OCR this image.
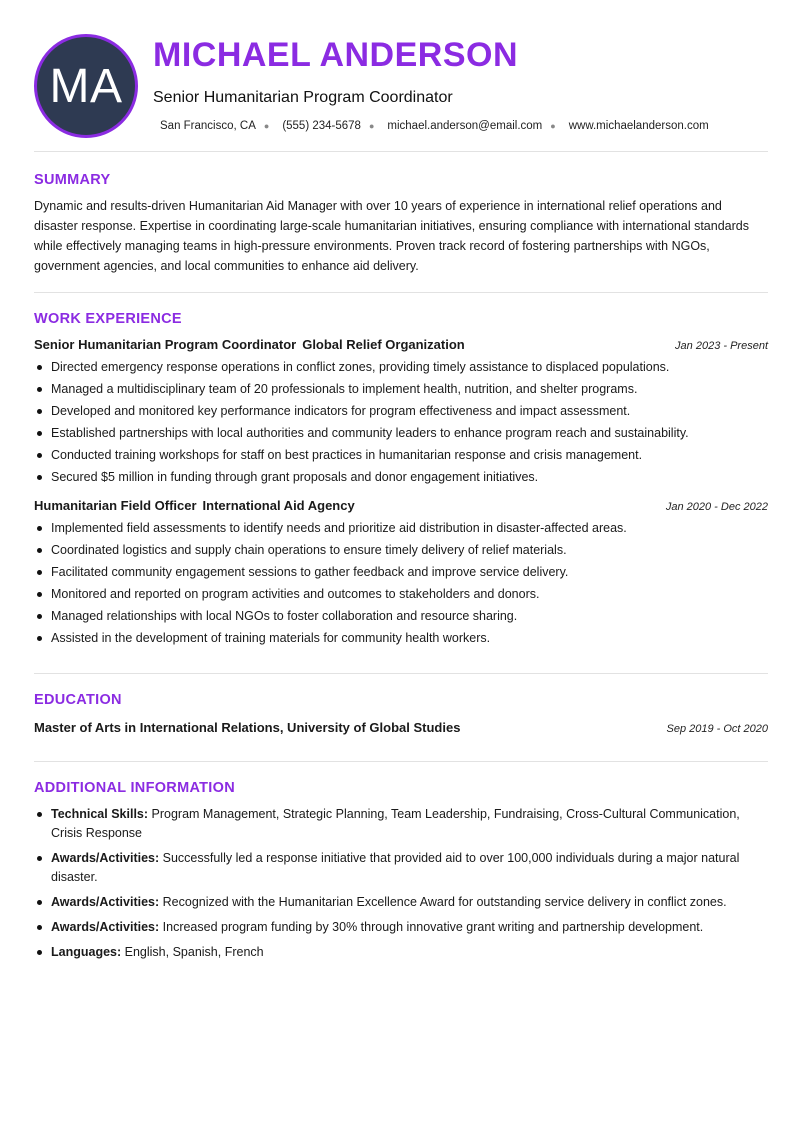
MA
MICHAEL ANDERSON
Senior Humanitarian Program Coordinator
San Francisco, CA ● (555) 234-5678 ● michael.anderson@email.com ● www.michaelanderson.com
SUMMARY
Dynamic and results-driven Humanitarian Aid Manager with over 10 years of experience in international relief operations and disaster response. Expertise in coordinating large-scale humanitarian initiatives, ensuring compliance with international standards while effectively managing teams in high-pressure environments. Proven track record of fostering partnerships with NGOs, government agencies, and local communities to enhance aid delivery.
WORK EXPERIENCE
Senior Humanitarian Program Coordinator Global Relief Organization	Jan 2023 - Present
Directed emergency response operations in conflict zones, providing timely assistance to displaced populations.
Managed a multidisciplinary team of 20 professionals to implement health, nutrition, and shelter programs.
Developed and monitored key performance indicators for program effectiveness and impact assessment.
Established partnerships with local authorities and community leaders to enhance program reach and sustainability.
Conducted training workshops for staff on best practices in humanitarian response and crisis management.
Secured $5 million in funding through grant proposals and donor engagement initiatives.
Humanitarian Field Officer International Aid Agency	Jan 2020 - Dec 2022
Implemented field assessments to identify needs and prioritize aid distribution in disaster-affected areas.
Coordinated logistics and supply chain operations to ensure timely delivery of relief materials.
Facilitated community engagement sessions to gather feedback and improve service delivery.
Monitored and reported on program activities and outcomes to stakeholders and donors.
Managed relationships with local NGOs to foster collaboration and resource sharing.
Assisted in the development of training materials for community health workers.
EDUCATION
Master of Arts in International Relations, University of Global Studies	Sep 2019 - Oct 2020
ADDITIONAL INFORMATION
Technical Skills: Program Management, Strategic Planning, Team Leadership, Fundraising, Cross-Cultural Communication, Crisis Response
Awards/Activities: Successfully led a response initiative that provided aid to over 100,000 individuals during a major natural disaster.
Awards/Activities: Recognized with the Humanitarian Excellence Award for outstanding service delivery in conflict zones.
Awards/Activities: Increased program funding by 30% through innovative grant writing and partnership development.
Languages: English, Spanish, French
